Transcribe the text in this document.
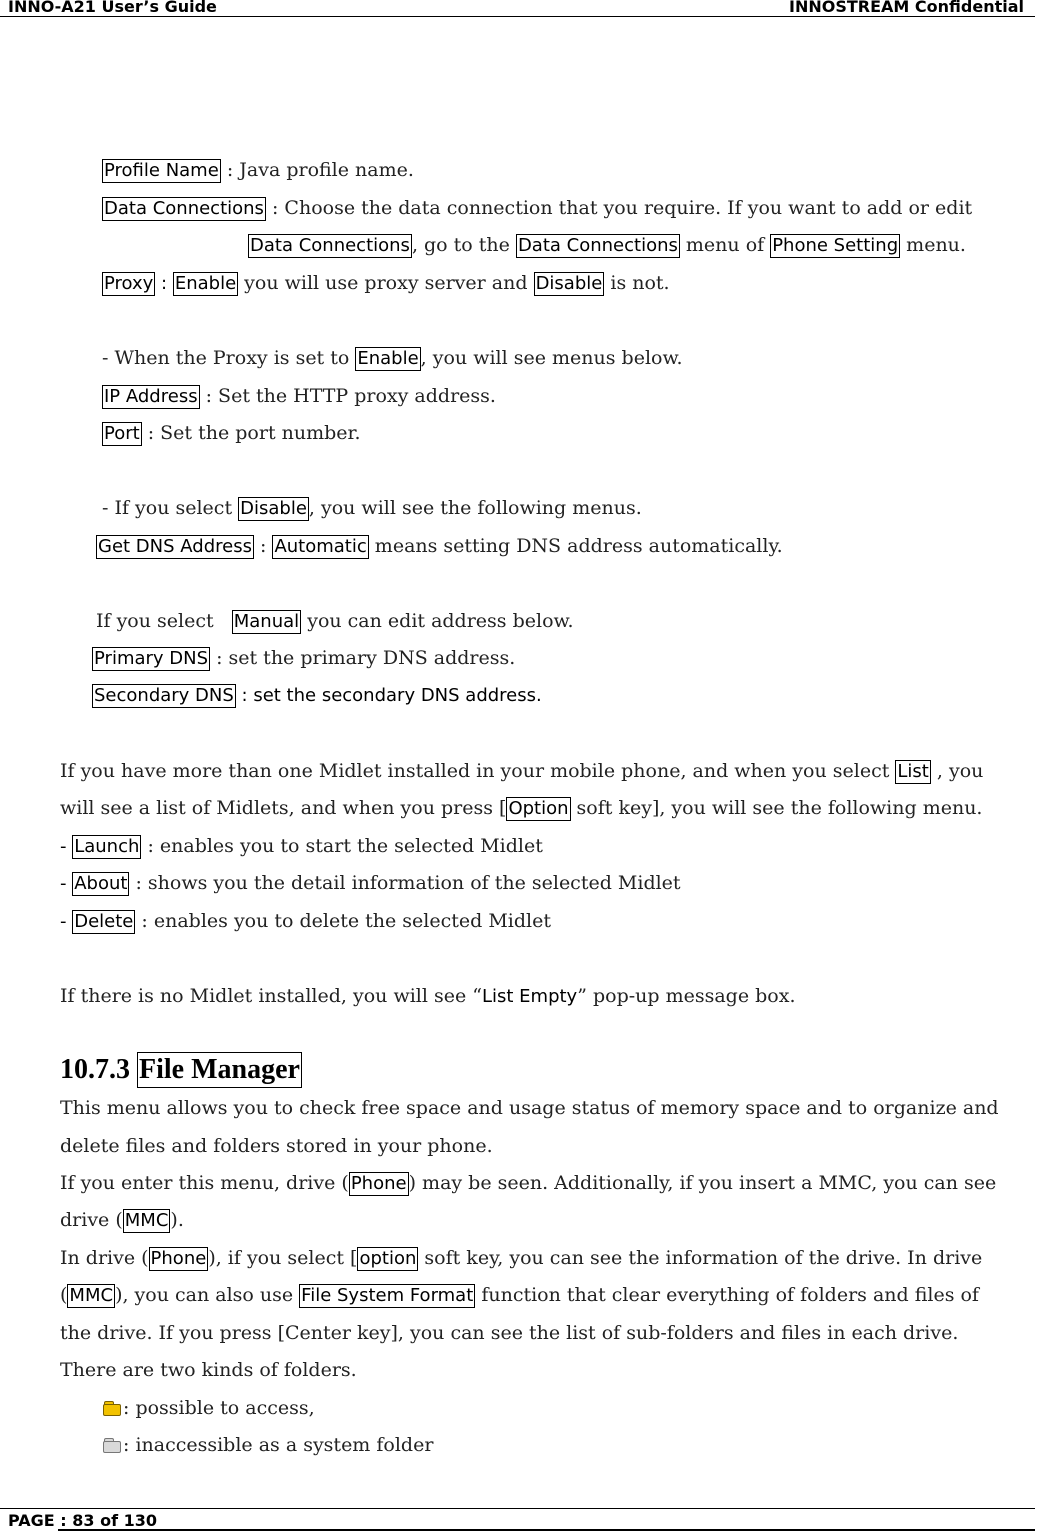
INNO-A21 User’s Guide	INNOSTREAM Confidential
Profile Name : Java profile name.
Data Connections : Choose the data connection that you require. If you want to add or edit
Data Connections , go to the Data Connections menu of Phone Setting menu.
Proxy : Enable you will use proxy server and Disable is not.
- When the Proxy is set to Enable , you will see menus below.
IP Address : Set the HTTP proxy address.
Port : Set the port number.
- If you select Disable , you will see the following menus.
Get DNS Address : Automatic means setting DNS address automatically.
If you select   Manual you can edit address below.
Primary DNS : set the primary DNS address.
Secondary DNS : set the secondary DNS address.
If you have more than one Midlet installed in your mobile phone, and when you select List , you
will see a list of Midlets, and when you press [ Option soft key], you will see the following menu.
- Launch : enables you to start the selected Midlet
- About : shows you the detail information of the selected Midlet
- Delete : enables you to delete the selected Midlet
If there is no Midlet installed, you will see “List Empty” pop-up message box.
10.7.3 File Manager
This menu allows you to check free space and usage status of memory space and to organize and
delete files and folders stored in your phone.
If you enter this menu, drive ( Phone ) may be seen. Additionally, if you insert a MMC, you can see
drive ( MMC ).
In drive ( Phone ), if you select [ option soft key, you can see the information of the drive. In drive
( MMC ), you can also use File System Format function that clear everything of folders and files of
the drive. If you press [Center key], you can see the list of sub-folders and files in each drive.
There are two kinds of folders.
: possible to access,
: inaccessible as a system folder
PAGE : 83 of 130
